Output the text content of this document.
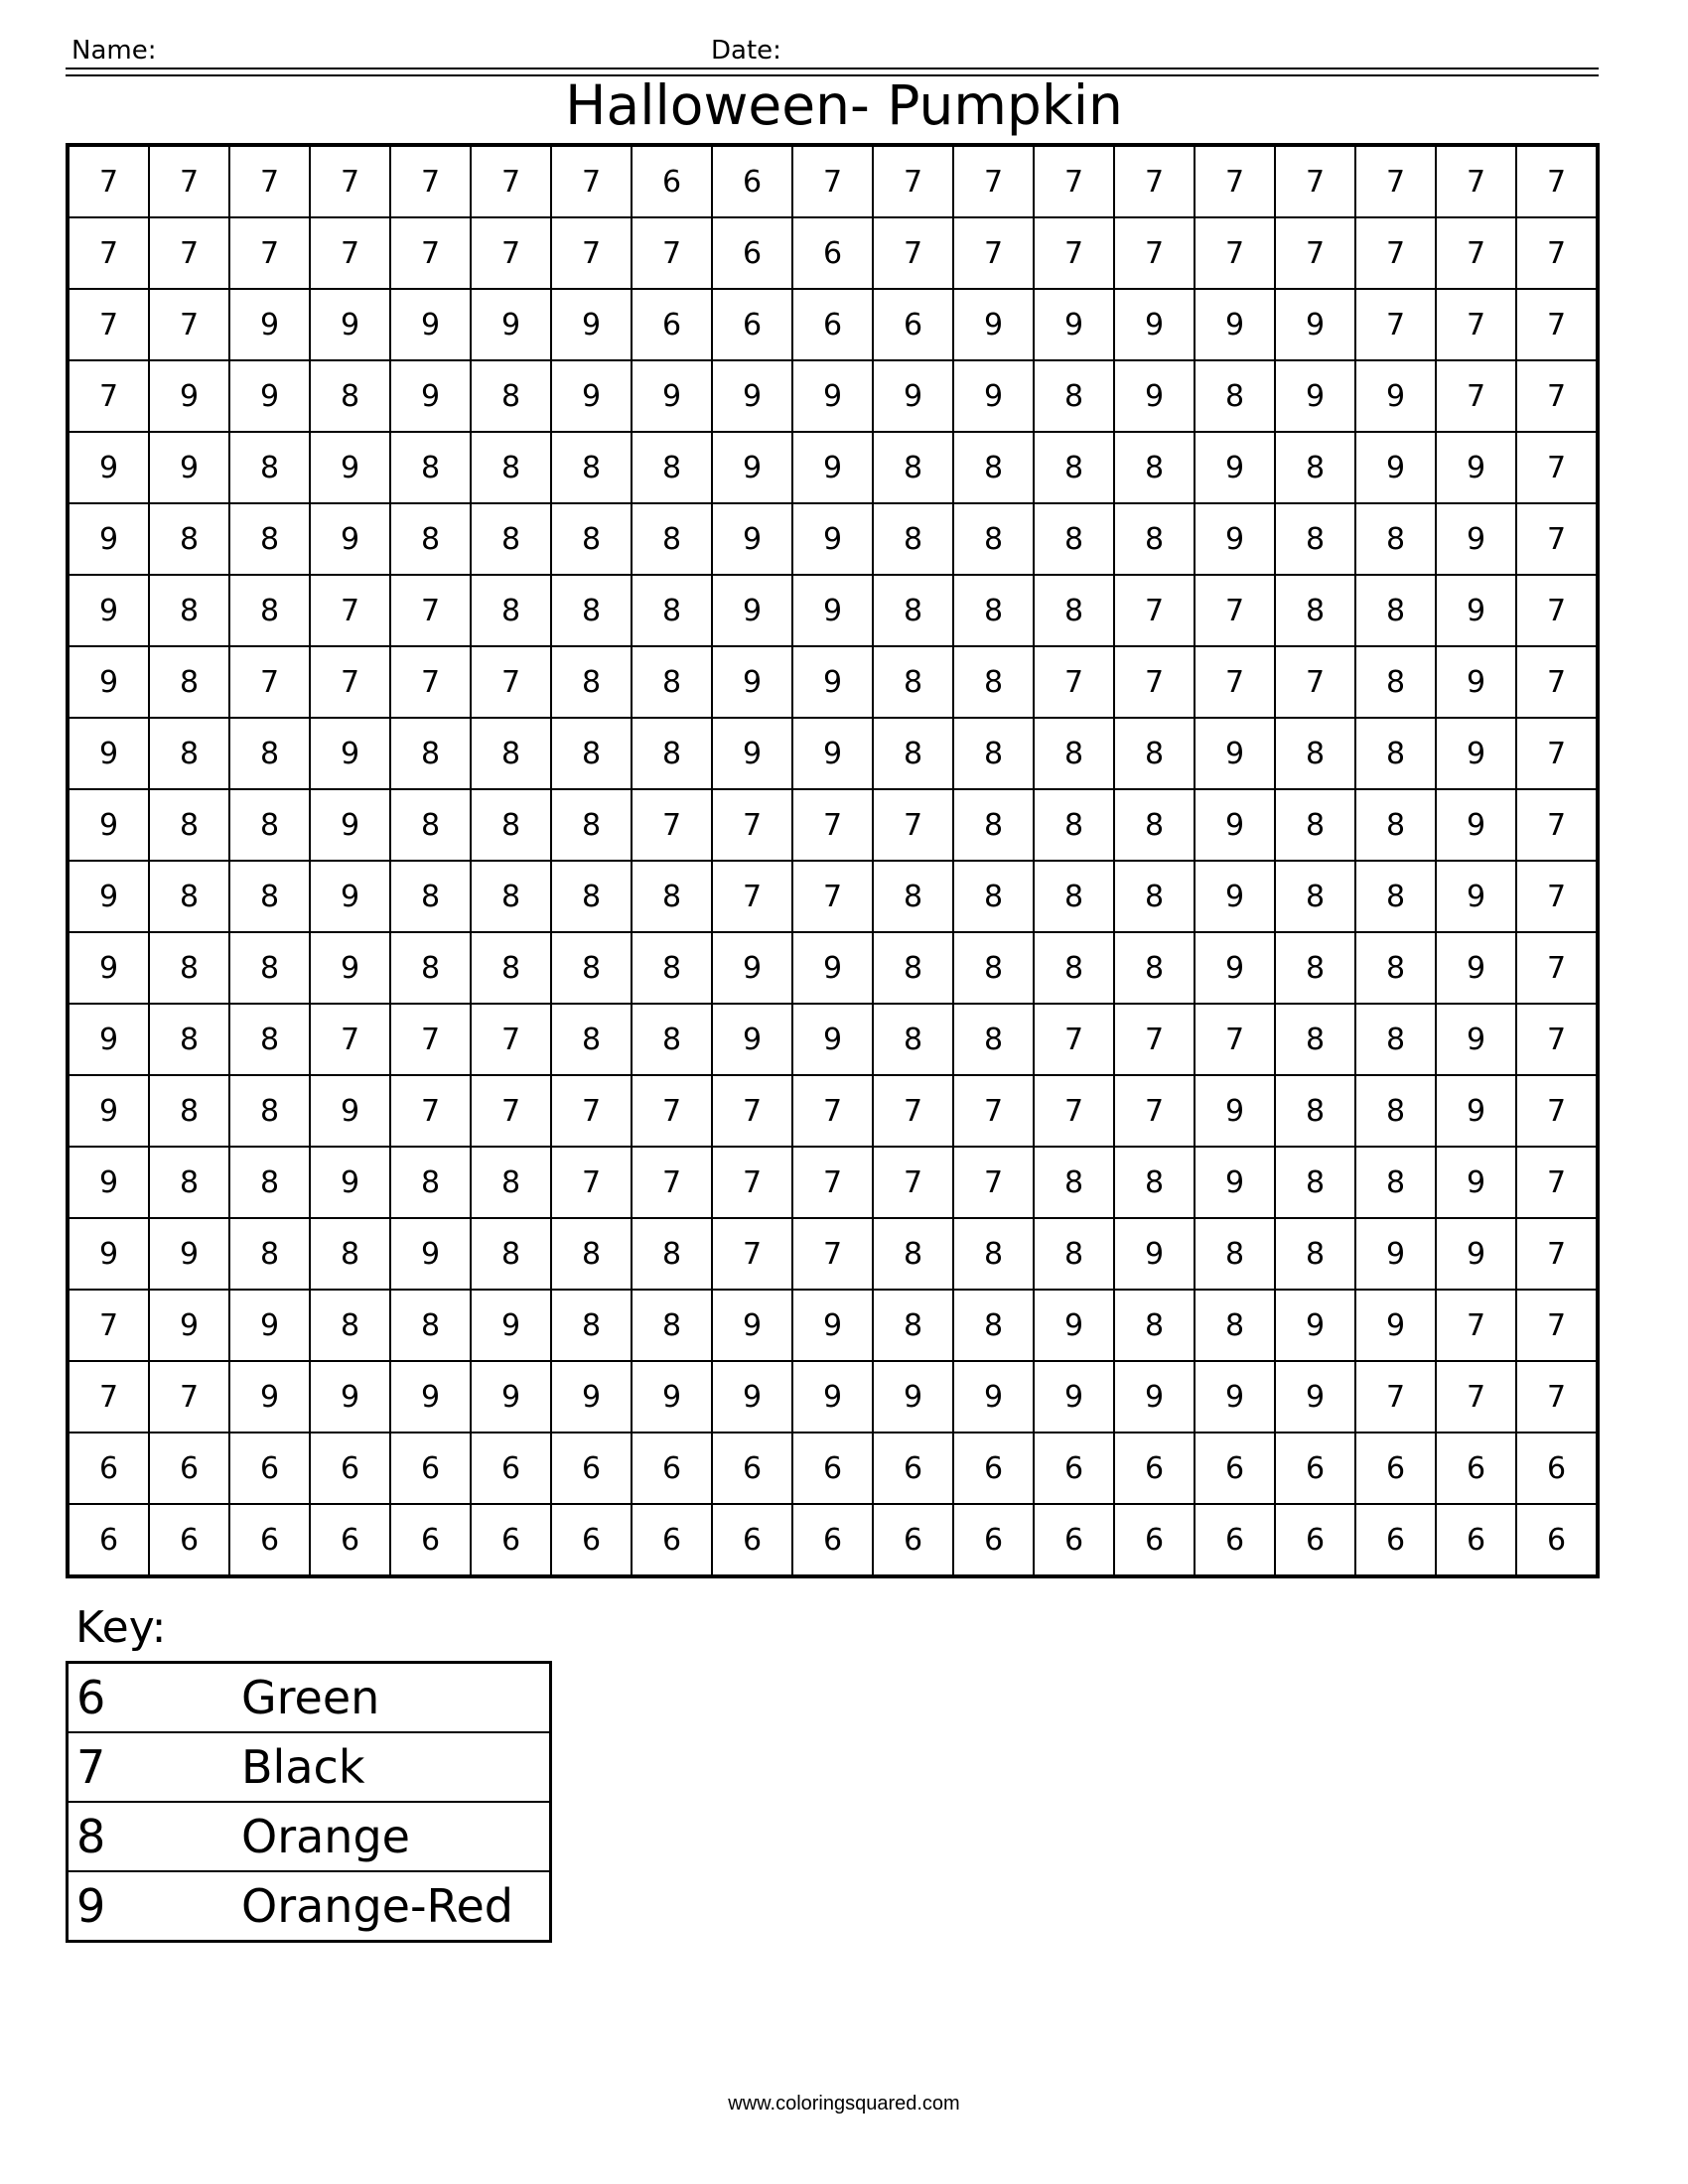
Name:	Date:
Halloween- Pumpkin
7	7	7	7	7	7	7	6	6	7	7	7	7	7	7	7	7	7	7
7	7	7	7	7	7	7	7	6	6	7	7	7	7	7	7	7	7	7
7	7	9	9	9	9	9	6	6	6	6	9	9	9	9	9	7	7	7
7	9	9	8	9	8	9	9	9	9	9	9	8	9	8	9	9	7	7
9	9	8	9	8	8	8	8	9	9	8	8	8	8	9	8	9	9	7
9	8	8	9	8	8	8	8	9	9	8	8	8	8	9	8	8	9	7
9	8	8	7	7	8	8	8	9	9	8	8	8	7	7	8	8	9	7
9	8	7	7	7	7	8	8	9	9	8	8	7	7	7	7	8	9	7
9	8	8	9	8	8	8	8	9	9	8	8	8	8	9	8	8	9	7
9	8	8	9	8	8	8	7	7	7	7	8	8	8	9	8	8	9	7
9	8	8	9	8	8	8	8	7	7	8	8	8	8	9	8	8	9	7
9	8	8	9	8	8	8	8	9	9	8	8	8	8	9	8	8	9	7
9	8	8	7	7	7	8	8	9	9	8	8	7	7	7	8	8	9	7
9	8	8	9	7	7	7	7	7	7	7	7	7	7	9	8	8	9	7
9	8	8	9	8	8	7	7	7	7	7	7	8	8	9	8	8	9	7
9	9	8	8	9	8	8	8	7	7	8	8	8	9	8	8	9	9	7
7	9	9	8	8	9	8	8	9	9	8	8	9	8	8	9	9	7	7
7	7	9	9	9	9	9	9	9	9	9	9	9	9	9	9	7	7	7
6	6	6	6	6	6	6	6	6	6	6	6	6	6	6	6	6	6	6
6	6	6	6	6	6	6	6	6	6	6	6	6	6	6	6	6	6	6
Key:
6	Green
7	Black
8	Orange
9	Orange-Red
www.coloringsquared.com
